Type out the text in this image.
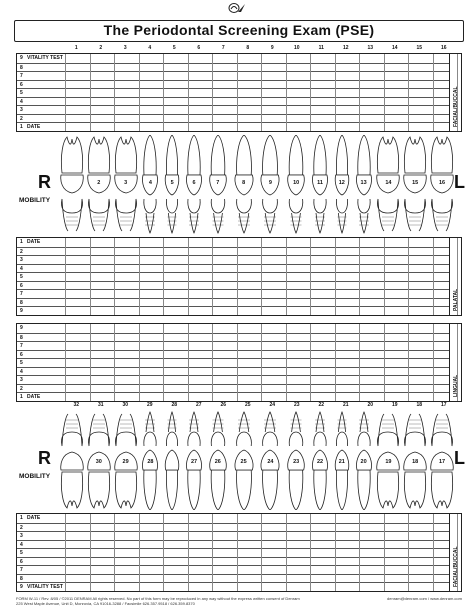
The Periodontal Screening Exam (PSE)
1	2	3	4	5	6	7	8	9	10	11	12	13	14	15	16
9 VITALITY TEST
8
7
6
5
4
3
2
1 DATE
FACIAL/BUCCAL
2	3	4	5	6	7	8	9	10	11	12	13	14	15	16
R
MOBILITY
L
1 DATE
2
3
4
5
6
7
8
9
PALATAL
9
8
7
6
5
4
3
2
1 DATE
LINGUAL
32	31	30	29	28	27	26	25	24	23	22	21	20	19	18	17
30	29	28	27	26	25	24	23	22	21	20	19	18	17
R
MOBILITY
L
1 DATE
2
3
4
5
6
7
8
9 VITALITY TEST
FACIAL/BUCCAL
FORM W-11 / Rev. 8/05 / ©2011 DENRAM All rights reserved. No part of this form may be reproduced in any way without the express written consent of Denram
225 West Maple Avenue, Unit D, Monrovia, CA 91016-3288 / Facsimile 626.357.9518 / 626.359.8370
denram@denram.com / www.denram.com
